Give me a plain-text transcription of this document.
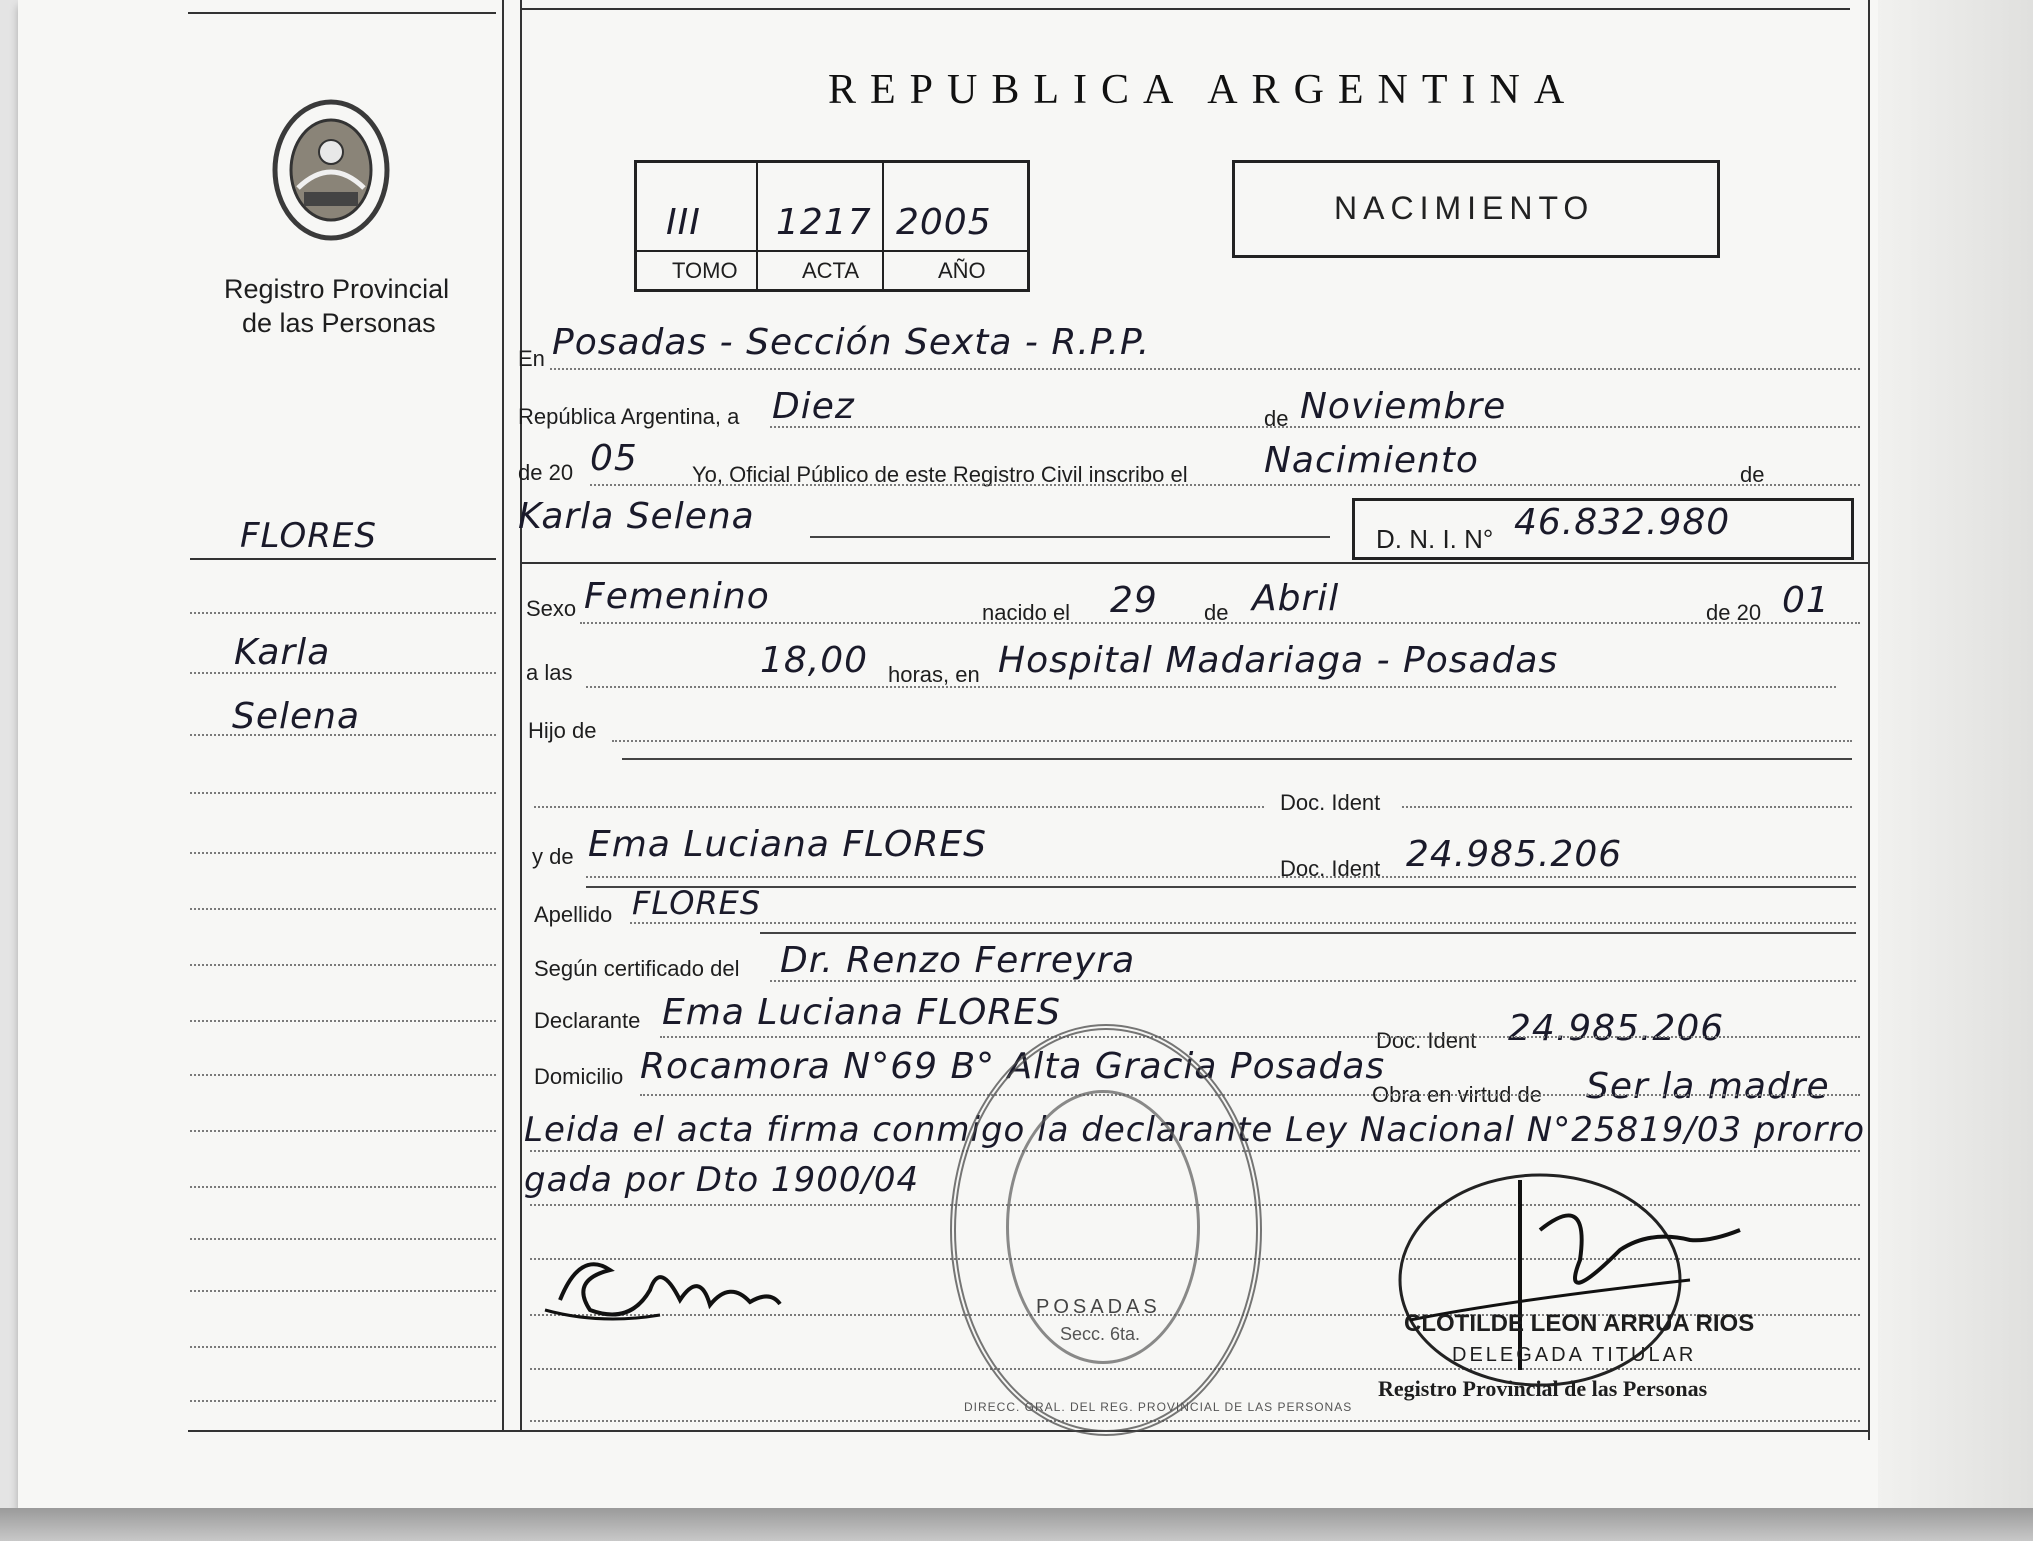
Registro Provincial
de las Personas
REPUBLICA ARGENTINA
III 1217 2005
TOMO	ACTA	AÑO
NACIMIENTO
FLORES
Karla
Selena
En Posadas - Sección Sexta - R.P.P.
República Argentina, a Diez	de Noviembre
de 20 05 Yo, Oficial Público de este Registro Civil inscribo el Nacimiento	de
Karla Selena
D. N. I. N° 46.832.980
Sexo Femenino	nacido el 29 de Abril	de 20 01
a las	18,00 horas, en Hospital Madariaga - Posadas
Hijo de
Doc. Ident
y de Ema Luciana FLORES
Doc. Ident 24.985.206
Apellido FLORES
Según certificado del Dr. Renzo Ferreyra
Declarante Ema Luciana FLORES
Doc. Ident 24.985.206
Domicilio Rocamora N°69 B° Alta Gracia Posadas
Obra en virtud de Ser la madre
Leida el acta firma conmigo la declarante Ley Nacional N°25819/03 prorro
gada por Dto 1900/04
POSADAS
Secc. 6ta.
DIRECC. GRAL. DEL REG. PROVINCIAL DE LAS PERSONAS
CLOTILDE LEON ARRUA RIOS
DELEGADA TITULAR
Registro Provincial de las Personas
